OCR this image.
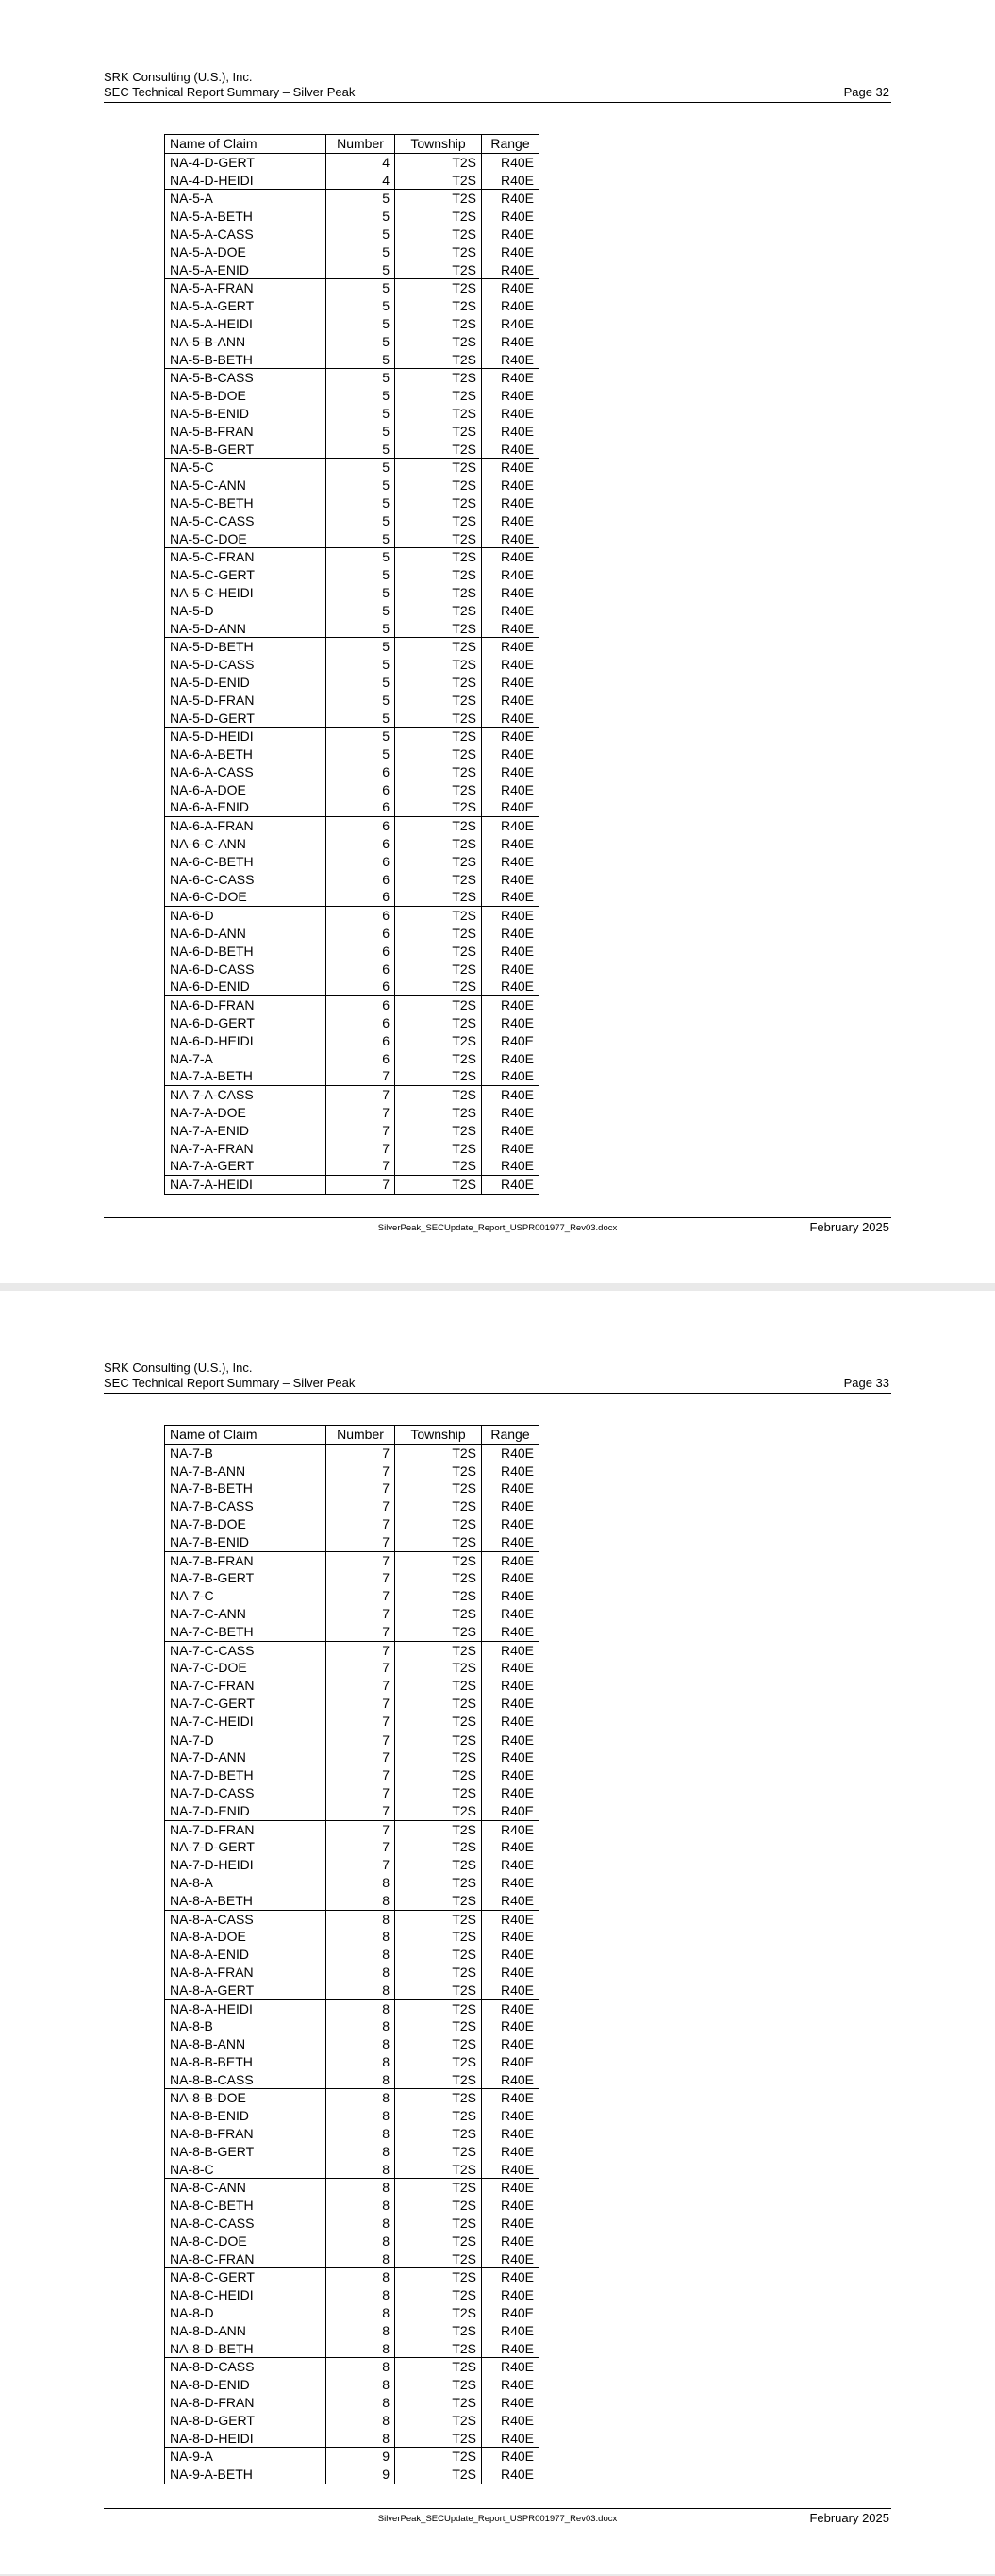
SRK Consulting (U.S.), Inc.
SEC Technical Report Summary – Silver Peak	Page 32
Name of Claim	Number	Township	Range
NA-4-D-GERT	4	T2S	R40E
NA-4-D-HEIDI	4	T2S	R40E
NA-5-A	5	T2S	R40E
NA-5-A-BETH	5	T2S	R40E
NA-5-A-CASS	5	T2S	R40E
NA-5-A-DOE	5	T2S	R40E
NA-5-A-ENID	5	T2S	R40E
NA-5-A-FRAN	5	T2S	R40E
NA-5-A-GERT	5	T2S	R40E
NA-5-A-HEIDI	5	T2S	R40E
NA-5-B-ANN	5	T2S	R40E
NA-5-B-BETH	5	T2S	R40E
NA-5-B-CASS	5	T2S	R40E
NA-5-B-DOE	5	T2S	R40E
NA-5-B-ENID	5	T2S	R40E
NA-5-B-FRAN	5	T2S	R40E
NA-5-B-GERT	5	T2S	R40E
NA-5-C	5	T2S	R40E
NA-5-C-ANN	5	T2S	R40E
NA-5-C-BETH	5	T2S	R40E
NA-5-C-CASS	5	T2S	R40E
NA-5-C-DOE	5	T2S	R40E
NA-5-C-FRAN	5	T2S	R40E
NA-5-C-GERT	5	T2S	R40E
NA-5-C-HEIDI	5	T2S	R40E
NA-5-D	5	T2S	R40E
NA-5-D-ANN	5	T2S	R40E
NA-5-D-BETH	5	T2S	R40E
NA-5-D-CASS	5	T2S	R40E
NA-5-D-ENID	5	T2S	R40E
NA-5-D-FRAN	5	T2S	R40E
NA-5-D-GERT	5	T2S	R40E
NA-5-D-HEIDI	5	T2S	R40E
NA-6-A-BETH	5	T2S	R40E
NA-6-A-CASS	6	T2S	R40E
NA-6-A-DOE	6	T2S	R40E
NA-6-A-ENID	6	T2S	R40E
NA-6-A-FRAN	6	T2S	R40E
NA-6-C-ANN	6	T2S	R40E
NA-6-C-BETH	6	T2S	R40E
NA-6-C-CASS	6	T2S	R40E
NA-6-C-DOE	6	T2S	R40E
NA-6-D	6	T2S	R40E
NA-6-D-ANN	6	T2S	R40E
NA-6-D-BETH	6	T2S	R40E
NA-6-D-CASS	6	T2S	R40E
NA-6-D-ENID	6	T2S	R40E
NA-6-D-FRAN	6	T2S	R40E
NA-6-D-GERT	6	T2S	R40E
NA-6-D-HEIDI	6	T2S	R40E
NA-7-A	6	T2S	R40E
NA-7-A-BETH	7	T2S	R40E
NA-7-A-CASS	7	T2S	R40E
NA-7-A-DOE	7	T2S	R40E
NA-7-A-ENID	7	T2S	R40E
NA-7-A-FRAN	7	T2S	R40E
NA-7-A-GERT	7	T2S	R40E
NA-7-A-HEIDI	7	T2S	R40E
SilverPeak_SECUpdate_Report_USPR001977_Rev03.docx	February 2025
SRK Consulting (U.S.), Inc.
SEC Technical Report Summary – Silver Peak	Page 33
Name of Claim	Number	Township	Range
NA-7-B	7	T2S	R40E
NA-7-B-ANN	7	T2S	R40E
NA-7-B-BETH	7	T2S	R40E
NA-7-B-CASS	7	T2S	R40E
NA-7-B-DOE	7	T2S	R40E
NA-7-B-ENID	7	T2S	R40E
NA-7-B-FRAN	7	T2S	R40E
NA-7-B-GERT	7	T2S	R40E
NA-7-C	7	T2S	R40E
NA-7-C-ANN	7	T2S	R40E
NA-7-C-BETH	7	T2S	R40E
NA-7-C-CASS	7	T2S	R40E
NA-7-C-DOE	7	T2S	R40E
NA-7-C-FRAN	7	T2S	R40E
NA-7-C-GERT	7	T2S	R40E
NA-7-C-HEIDI	7	T2S	R40E
NA-7-D	7	T2S	R40E
NA-7-D-ANN	7	T2S	R40E
NA-7-D-BETH	7	T2S	R40E
NA-7-D-CASS	7	T2S	R40E
NA-7-D-ENID	7	T2S	R40E
NA-7-D-FRAN	7	T2S	R40E
NA-7-D-GERT	7	T2S	R40E
NA-7-D-HEIDI	7	T2S	R40E
NA-8-A	8	T2S	R40E
NA-8-A-BETH	8	T2S	R40E
NA-8-A-CASS	8	T2S	R40E
NA-8-A-DOE	8	T2S	R40E
NA-8-A-ENID	8	T2S	R40E
NA-8-A-FRAN	8	T2S	R40E
NA-8-A-GERT	8	T2S	R40E
NA-8-A-HEIDI	8	T2S	R40E
NA-8-B	8	T2S	R40E
NA-8-B-ANN	8	T2S	R40E
NA-8-B-BETH	8	T2S	R40E
NA-8-B-CASS	8	T2S	R40E
NA-8-B-DOE	8	T2S	R40E
NA-8-B-ENID	8	T2S	R40E
NA-8-B-FRAN	8	T2S	R40E
NA-8-B-GERT	8	T2S	R40E
NA-8-C	8	T2S	R40E
NA-8-C-ANN	8	T2S	R40E
NA-8-C-BETH	8	T2S	R40E
NA-8-C-CASS	8	T2S	R40E
NA-8-C-DOE	8	T2S	R40E
NA-8-C-FRAN	8	T2S	R40E
NA-8-C-GERT	8	T2S	R40E
NA-8-C-HEIDI	8	T2S	R40E
NA-8-D	8	T2S	R40E
NA-8-D-ANN	8	T2S	R40E
NA-8-D-BETH	8	T2S	R40E
NA-8-D-CASS	8	T2S	R40E
NA-8-D-ENID	8	T2S	R40E
NA-8-D-FRAN	8	T2S	R40E
NA-8-D-GERT	8	T2S	R40E
NA-8-D-HEIDI	8	T2S	R40E
NA-9-A	9	T2S	R40E
NA-9-A-BETH	9	T2S	R40E
SilverPeak_SECUpdate_Report_USPR001977_Rev03.docx	February 2025
